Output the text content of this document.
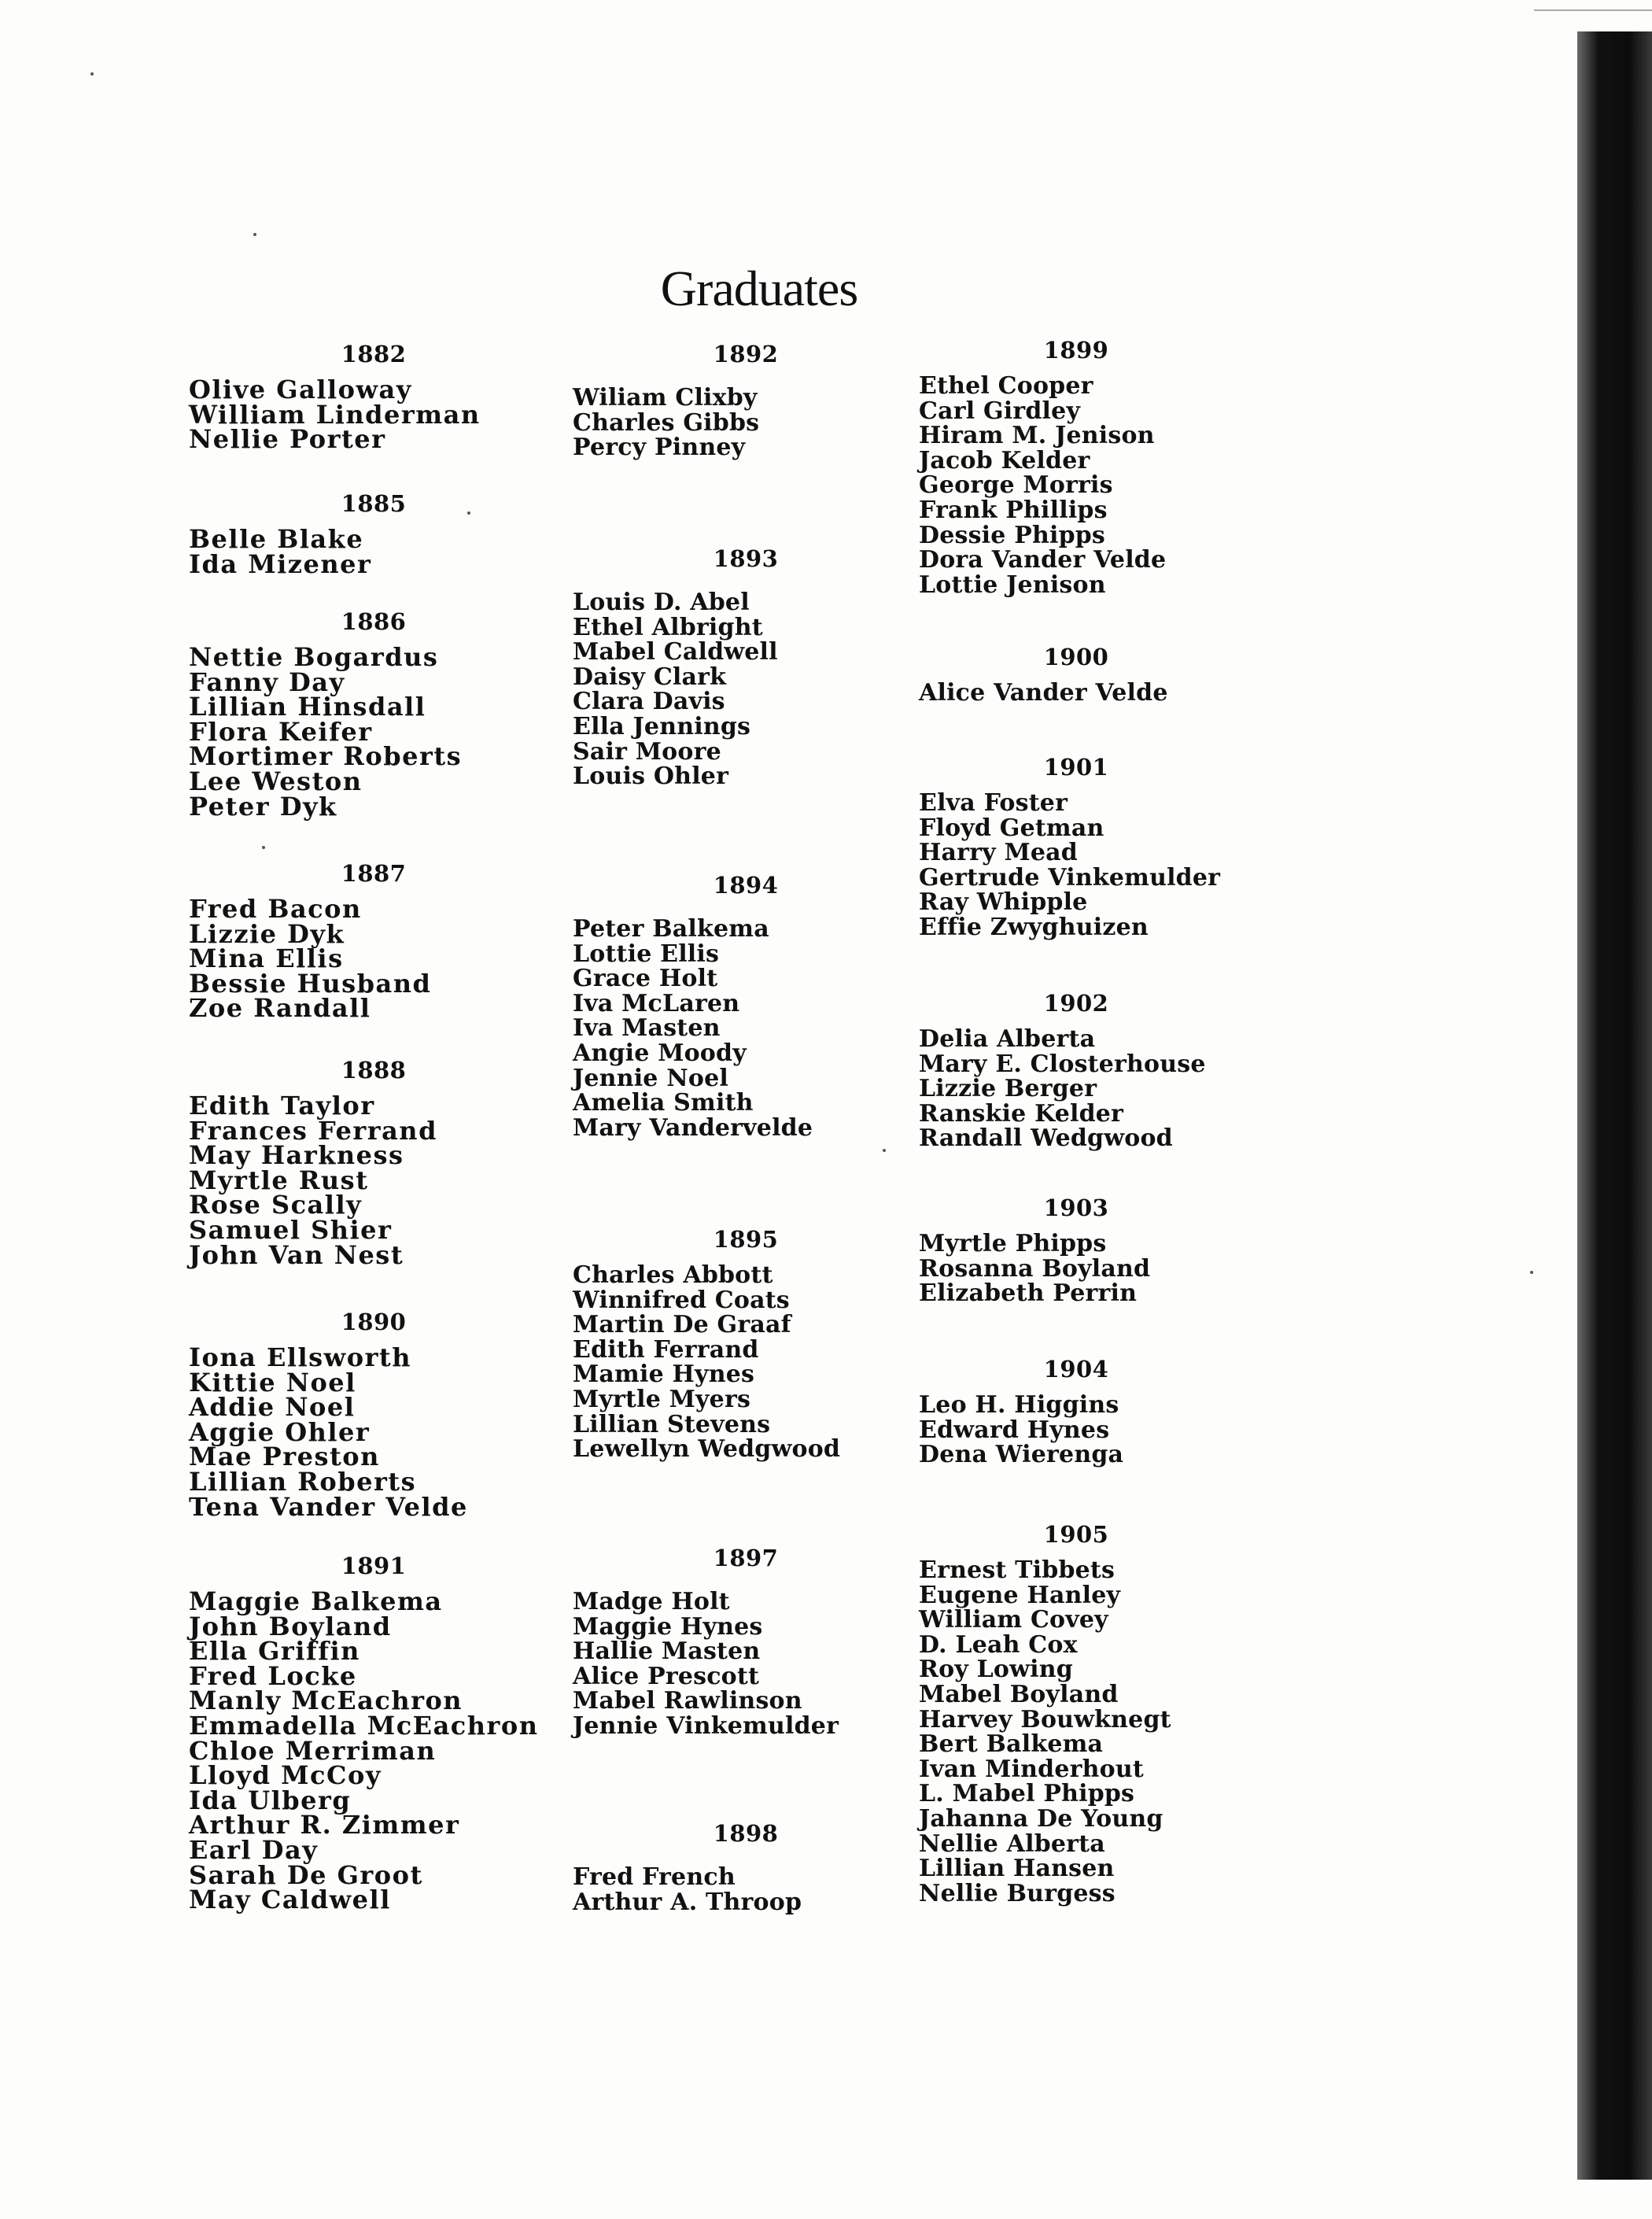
Graduates
1882
Olive Galloway
William Linderman
Nellie Porter
1885
Belle Blake
Ida Mizener
1886
Nettie Bogardus
Fanny Day
Lillian Hinsdall
Flora Keifer
Mortimer Roberts
Lee Weston
Peter Dyk
1887
Fred Bacon
Lizzie Dyk
Mina Ellis
Bessie Husband
Zoe Randall
1888
Edith Taylor
Frances Ferrand
May Harkness
Myrtle Rust
Rose Scally
Samuel Shier
John Van Nest
1890
Iona Ellsworth
Kittie Noel
Addie Noel
Aggie Ohler
Mae Preston
Lillian Roberts
Tena Vander Velde
1891
Maggie Balkema
John Boyland
Ella Griffin
Fred Locke
Manly McEachron
Emmadella McEachron
Chloe Merriman
Lloyd McCoy
Ida Ulberg
Arthur R. Zimmer
Earl Day
Sarah De Groot
May Caldwell
1892
Wiliam Clixby
Charles Gibbs
Percy Pinney
1893
Louis D. Abel
Ethel Albright
Mabel Caldwell
Daisy Clark
Clara Davis
Ella Jennings
Sair Moore
Louis Ohler
1894
Peter Balkema
Lottie Ellis
Grace Holt
Iva McLaren
Iva Masten
Angie Moody
Jennie Noel
Amelia Smith
Mary Vandervelde
1895
Charles Abbott
Winnifred Coats
Martin De Graaf
Edith Ferrand
Mamie Hynes
Myrtle Myers
Lillian Stevens
Lewellyn Wedgwood
1897
Madge Holt
Maggie Hynes
Hallie Masten
Alice Prescott
Mabel Rawlinson
Jennie Vinkemulder
1898
Fred French
Arthur A. Throop
1899
Ethel Cooper
Carl Girdley
Hiram M. Jenison
Jacob Kelder
George Morris
Frank Phillips
Dessie Phipps
Dora Vander Velde
Lottie Jenison
1900
Alice Vander Velde
1901
Elva Foster
Floyd Getman
Harry Mead
Gertrude Vinkemulder
Ray Whipple
Effie Zwyghuizen
1902
Delia Alberta
Mary E. Closterhouse
Lizzie Berger
Ranskie Kelder
Randall Wedgwood
1903
Myrtle Phipps
Rosanna Boyland
Elizabeth Perrin
1904
Leo H. Higgins
Edward Hynes
Dena Wierenga
1905
Ernest Tibbets
Eugene Hanley
William Covey
D. Leah Cox
Roy Lowing
Mabel Boyland
Harvey Bouwknegt
Bert Balkema
Ivan Minderhout
L. Mabel Phipps
Jahanna De Young
Nellie Alberta
Lillian Hansen
Nellie Burgess
